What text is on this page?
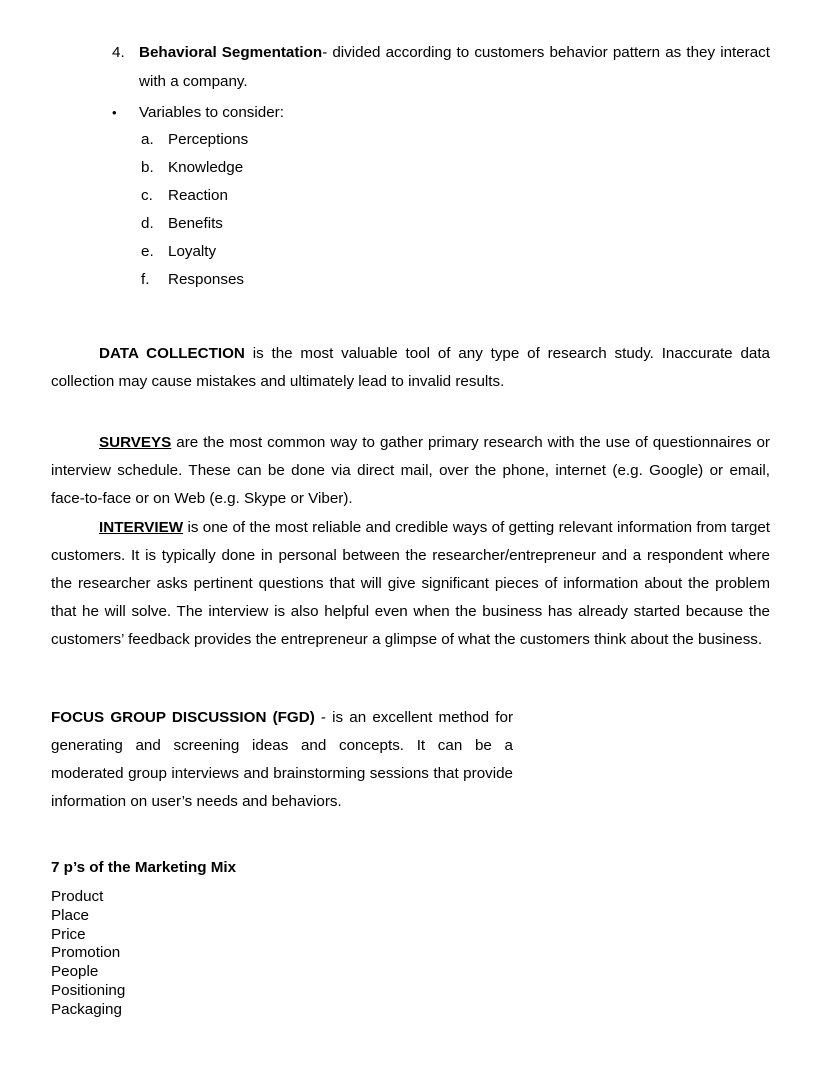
4. Behavioral Segmentation- divided according to customers behavior pattern as they interact with a company.
•	Variables to consider:
a. Perceptions
b. Knowledge
c. Reaction
d. Benefits
e. Loyalty
f.	Responses

DATA COLLECTION is the most valuable tool of any type of research study. Inaccurate data collection may cause mistakes and ultimately lead to invalid results.

SURVEYS are the most common way to gather primary research with the use of questionnaires or interview schedule. These can be done via direct mail, over the phone, internet (e.g. Google) or email, face-to-face or on Web (e.g. Skype or Viber).

INTERVIEW is one of the most reliable and credible ways of getting relevant information from target customers. It is typically done in personal between the researcher/entrepreneur and a respondent where the researcher asks pertinent questions that will give significant pieces of information about the problem that he will solve. The interview is also helpful even when the business has already started because the customers’ feedback provides the entrepreneur a glimpse of what the customers think about the business.

FOCUS GROUP DISCUSSION (FGD) - is an excellent method for generating and screening ideas and concepts. It can be a moderated group interviews and brainstorming sessions that provide information on user’s needs and behaviors.

7 p’s of the Marketing Mix
Product
Place
Price
Promotion
People
Positioning
Packaging
